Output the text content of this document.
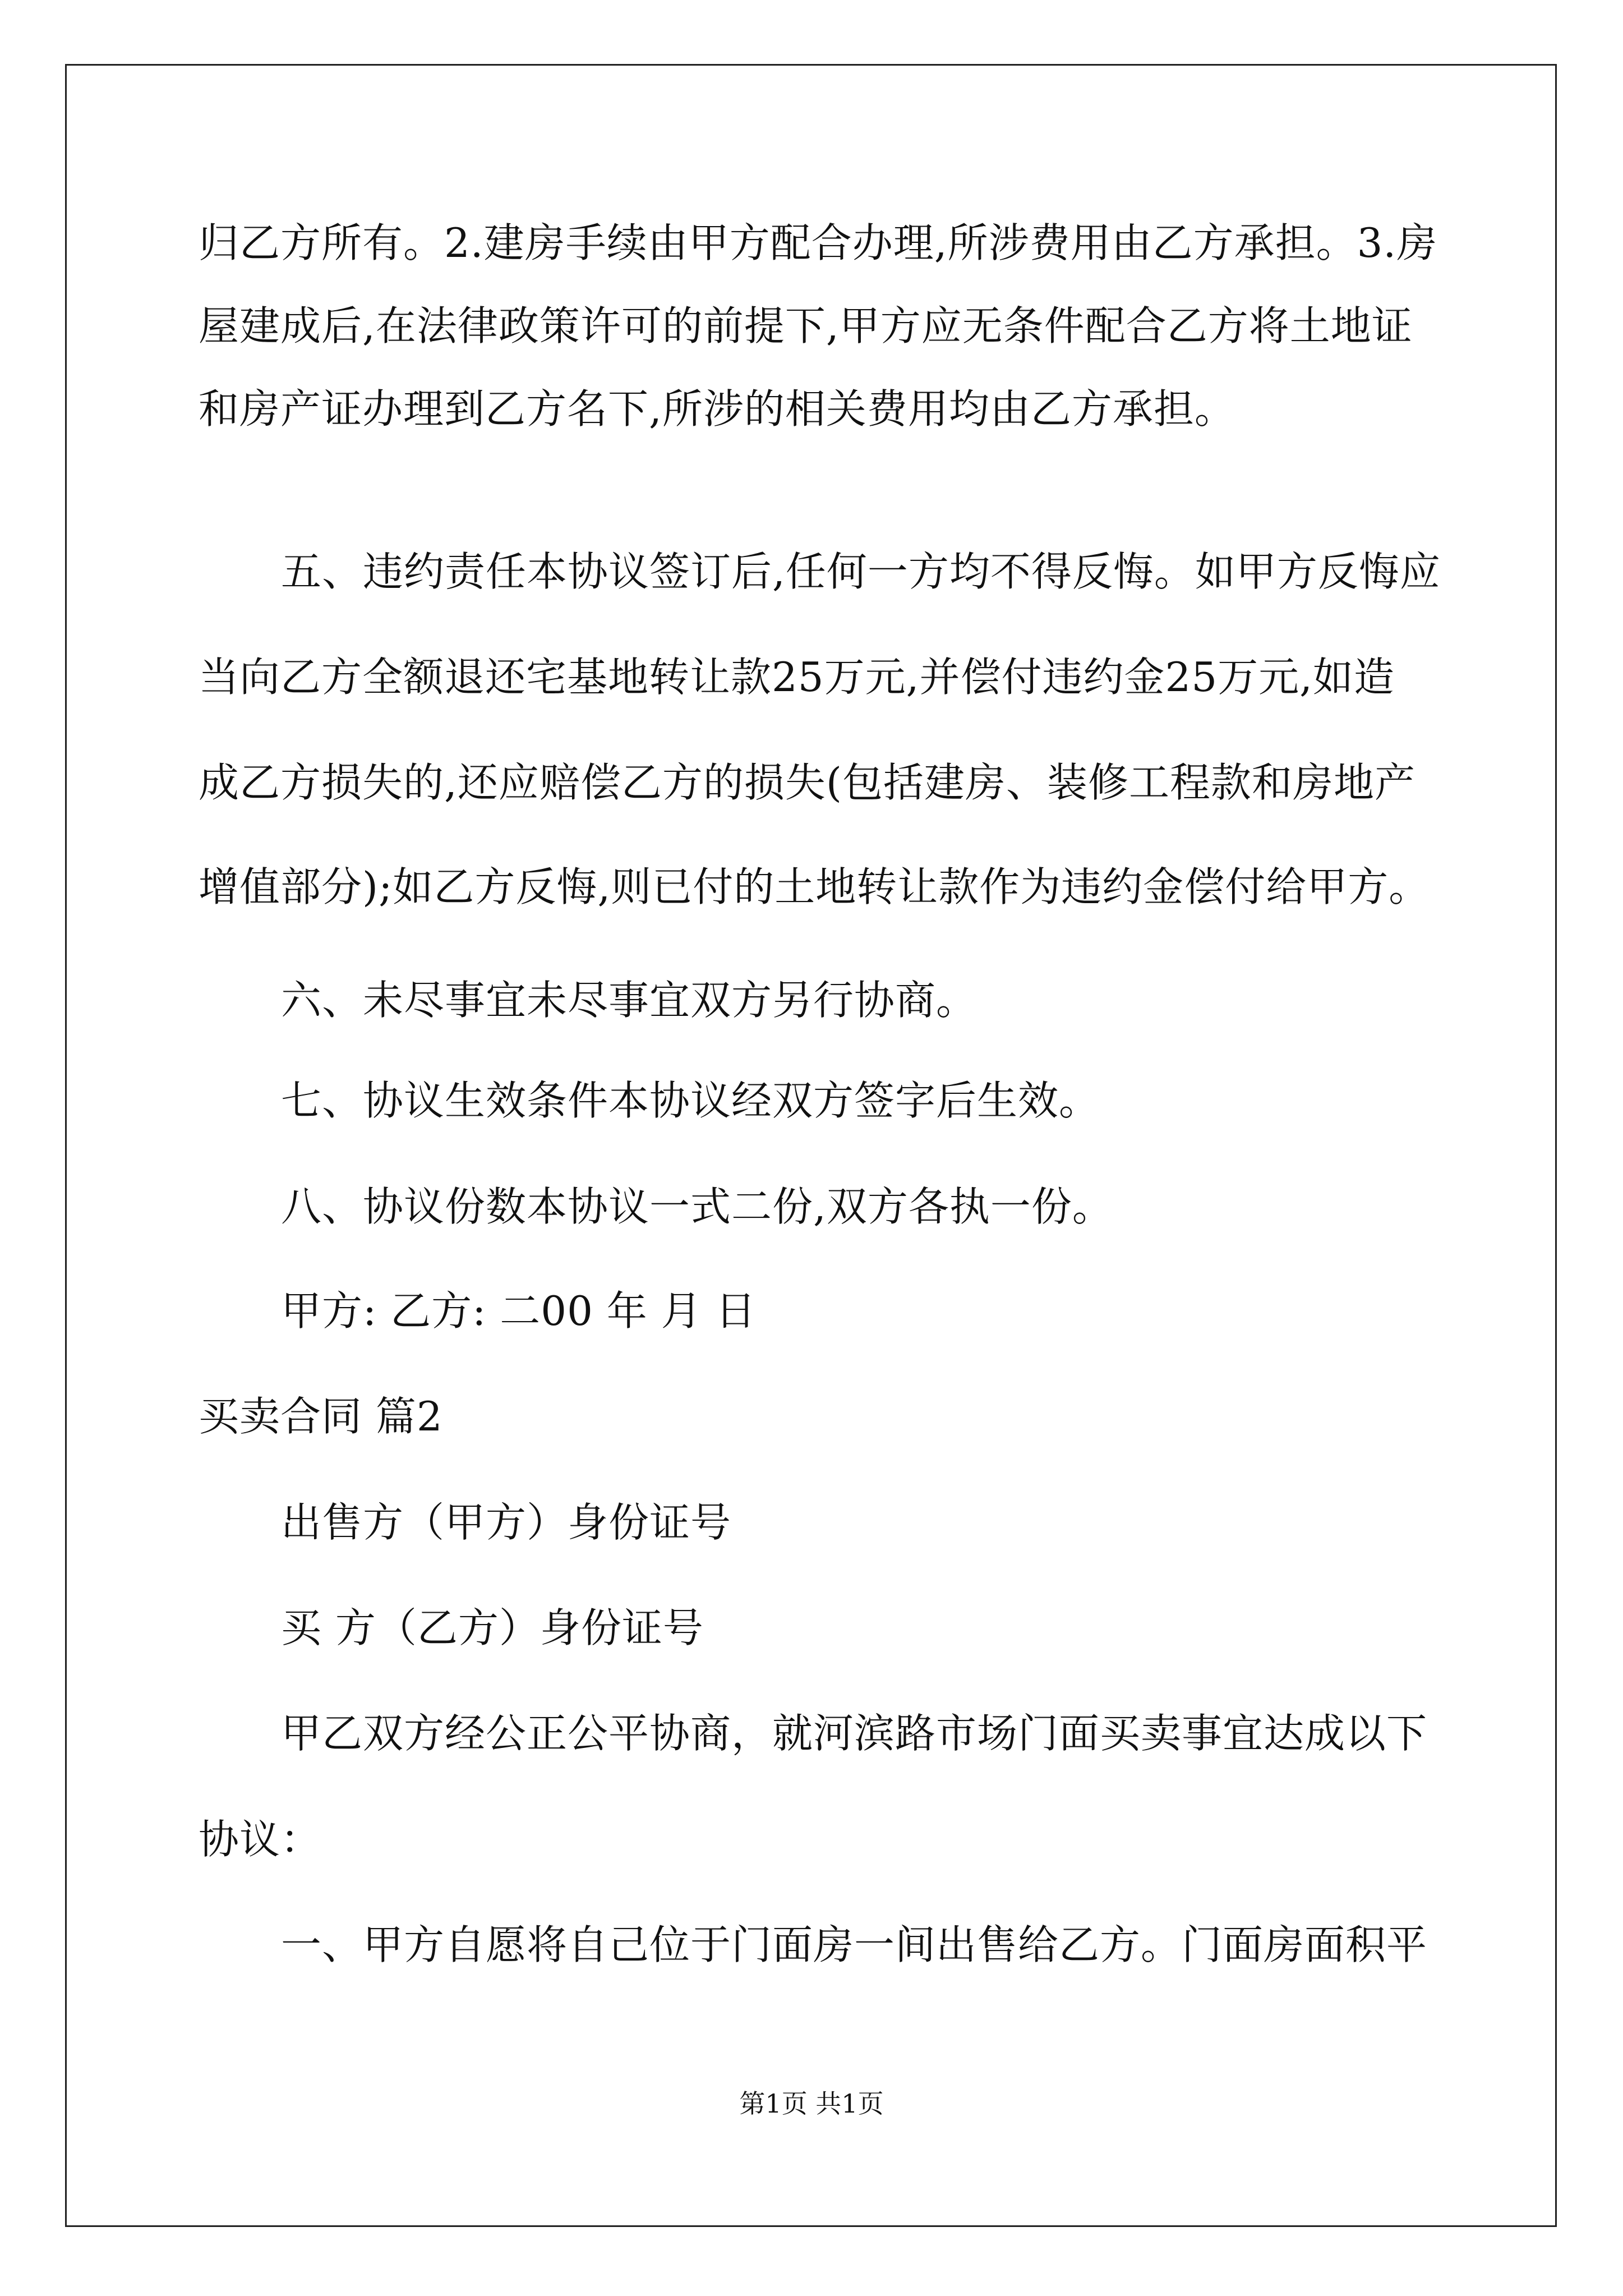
归乙方所有。2.建房手续由甲方配合办理,所涉费用由乙方承担。3.房
屋建成后,在法律政策许可的前提下,甲方应无条件配合乙方将土地证
和房产证办理到乙方名下,所涉的相关费用均由乙方承担。
五、违约责任本协议签订后,任何一方均不得反悔。如甲方反悔应
当向乙方全额退还宅基地转让款25万元,并偿付违约金25万元,如造
成乙方损失的,还应赔偿乙方的损失(包括建房、装修工程款和房地产
增值部分);如乙方反悔,则已付的土地转让款作为违约金偿付给甲方。
六、未尽事宜未尽事宜双方另行协商。
七、协议生效条件本协议经双方签字后生效。
八、协议份数本协议一式二份,双方各执一份。
甲方: 乙方: 二00 年 月 日
买卖合同 篇2
出售方（甲方）身份证号
买 方（乙方）身份证号
甲乙双方经公正公平协商，就河滨路市场门面买卖事宜达成以下
协议：
一、甲方自愿将自己位于门面房一间出售给乙方。门面房面积平
第1页 共1页
